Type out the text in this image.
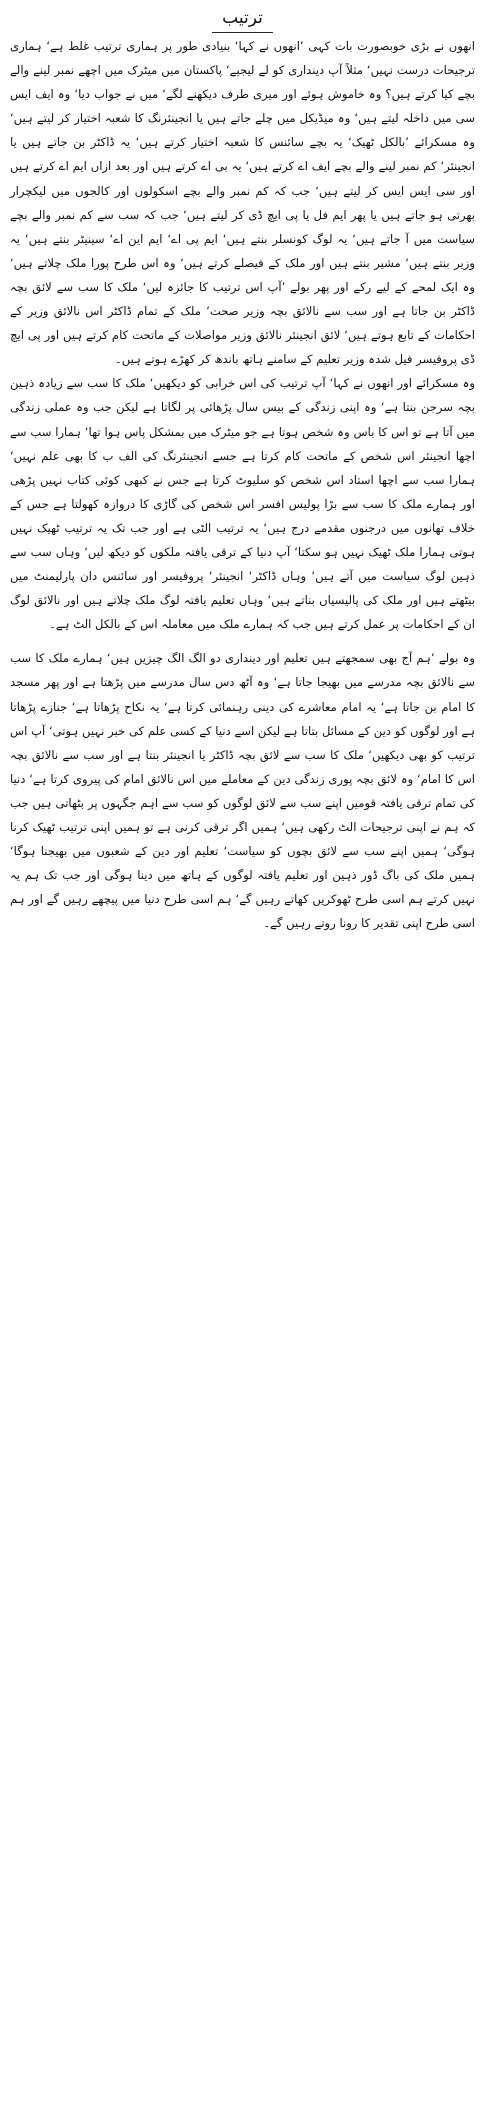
ترتیب

انھوں نے بڑی خوبصورت بات کہی ’انھوں نے کہا‘ بنیادی طور پر ہماری ترتیب غلط ہے‘ ہماری ترجیحات درست نہیں‘ مثلاً آپ دینداری کو لے لیجیے‘ پاکستان میں میٹرک میں اچھے نمبر لینے والے بچے کیا کرتے ہیں؟ وہ خاموش ہوئے اور میری طرف دیکھنے لگے‘ میں نے جواب دیا‘ وہ ایف ایس سی میں داخلہ لیتے ہیں‘ وہ میڈیکل میں چلے جاتے ہیں یا انجینئرنگ کا شعبہ اختیار کر لیتے ہیں‘ وہ مسکرائے ’بالکل ٹھیک‘ یہ بچے سائنس کا شعبہ اختیار کرتے ہیں‘ یہ ڈاکٹر بن جاتے ہیں یا انجینئر‘ کم نمبر لینے والے بچے ایف اے کرتے ہیں‘ یہ بی اے کرتے ہیں اور بعد ازاں ایم اے کرتے ہیں اور سی ایس ایس کر لیتے ہیں‘ جب کہ کم نمبر والے بچے اسکولوں اور کالجوں میں لیکچرار بھرتی ہو جاتے ہیں یا پھر ایم فل یا پی ایچ ڈی کر لیتے ہیں‘ جب کہ سب سے کم نمبر والے بچے سیاست میں آ جاتے ہیں‘ یہ لوگ کونسلر بنتے ہیں‘ ایم پی اے‘ ایم این اے‘ سینیٹر بنتے ہیں‘ یہ وزیر بنتے ہیں‘ مشیر بنتے ہیں اور ملک کے فیصلے کرتے ہیں‘ وہ اس طرح پورا ملک چلاتے ہیں‘ وہ ایک لمحے کے لیے رکے اور پھر بولے ’آپ اس ترتیب کا جائزہ لیں‘ ملک کا سب سے لائق بچہ ڈاکٹر بن جاتا ہے اور سب سے نالائق بچہ وزیر صحت‘ ملک کے تمام ڈاکٹر اس نالائق وزیر کے احکامات کے تابع ہوتے ہیں‘ لائق انجینئر نالائق وزیر مواصلات کے ماتحت کام کرتے ہیں اور پی ایچ ڈی پروفیسر فیل شدہ وزیر تعلیم کے سامنے ہاتھ باندھ کر کھڑے ہوتے ہیں۔

وہ مسکرائے اور انھوں نے کہا‘ آپ ترتیب کی اس خرابی کو دیکھیں‘ ملک کا سب سے زیادہ ذہین بچہ سرجن بنتا ہے‘ وہ اپنی زندگی کے بیس سال پڑھائی پر لگاتا ہے لیکن جب وہ عملی زندگی میں آتا ہے تو اس کا باس وہ شخص ہوتا ہے جو میٹرک میں بمشکل پاس ہوا تھا‘ ہمارا سب سے اچھا انجینئر اس شخص کے ماتحت کام کرتا ہے جسے انجینئرنگ کی الف ب کا بھی علم نہیں‘ ہمارا سب سے اچھا استاد اس شخص کو سلیوٹ کرتا ہے جس نے کبھی کوئی کتاب نہیں پڑھی اور ہمارے ملک کا سب سے بڑا پولیس افسر اس شخص کی گاڑی کا دروازہ کھولتا ہے جس کے خلاف تھانوں میں درجنوں مقدمے درج ہیں‘ یہ ترتیب الٹی ہے اور جب تک یہ ترتیب ٹھیک نہیں ہوتی ہمارا ملک ٹھیک نہیں ہو سکتا‘ آپ دنیا کے ترقی یافتہ ملکوں کو دیکھ لیں‘ وہاں سب سے ذہین لوگ سیاست میں آتے ہیں‘ وہاں ڈاکٹر‘ انجینئر‘ پروفیسر اور سائنس دان پارلیمنٹ میں بیٹھتے ہیں اور ملک کی پالیسیاں بناتے ہیں‘ وہاں تعلیم یافتہ لوگ ملک چلاتے ہیں اور نالائق لوگ ان کے احکامات پر عمل کرتے ہیں جب کہ ہمارے ملک میں معاملہ اس کے بالکل الٹ ہے۔

وہ بولے ’ہم آج بھی سمجھتے ہیں تعلیم اور دینداری دو الگ الگ چیزیں ہیں‘ ہمارے ملک کا سب سے نالائق بچہ مدرسے میں بھیجا جاتا ہے‘ وہ آٹھ دس سال مدرسے میں پڑھتا ہے اور پھر مسجد کا امام بن جاتا ہے‘ یہ امام معاشرے کی دینی رہنمائی کرتا ہے‘ یہ نکاح پڑھاتا ہے‘ جنازے پڑھاتا ہے اور لوگوں کو دین کے مسائل بتاتا ہے لیکن اسے دنیا کے کسی علم کی خبر نہیں ہوتی‘ آپ اس ترتیب کو بھی دیکھیں‘ ملک کا سب سے لائق بچہ ڈاکٹر یا انجینئر بنتا ہے اور سب سے نالائق بچہ اس کا امام‘ وہ لائق بچہ پوری زندگی دین کے معاملے میں اس نالائق امام کی پیروی کرتا ہے‘ دنیا کی تمام ترقی یافتہ قومیں اپنے سب سے لائق لوگوں کو سب سے اہم جگہوں پر بٹھاتی ہیں جب کہ ہم نے اپنی ترجیحات الٹ رکھی ہیں‘ ہمیں اگر ترقی کرنی ہے تو ہمیں اپنی ترتیب ٹھیک کرنا ہوگی‘ ہمیں اپنے سب سے لائق بچوں کو سیاست‘ تعلیم اور دین کے شعبوں میں بھیجنا ہوگا‘ ہمیں ملک کی باگ ڈور ذہین اور تعلیم یافتہ لوگوں کے ہاتھ میں دینا ہوگی اور جب تک ہم یہ نہیں کرتے ہم اسی طرح ٹھوکریں کھاتے رہیں گے‘ ہم اسی طرح دنیا میں پیچھے رہیں گے اور ہم اسی طرح اپنی تقدیر کا رونا روتے رہیں گے۔
